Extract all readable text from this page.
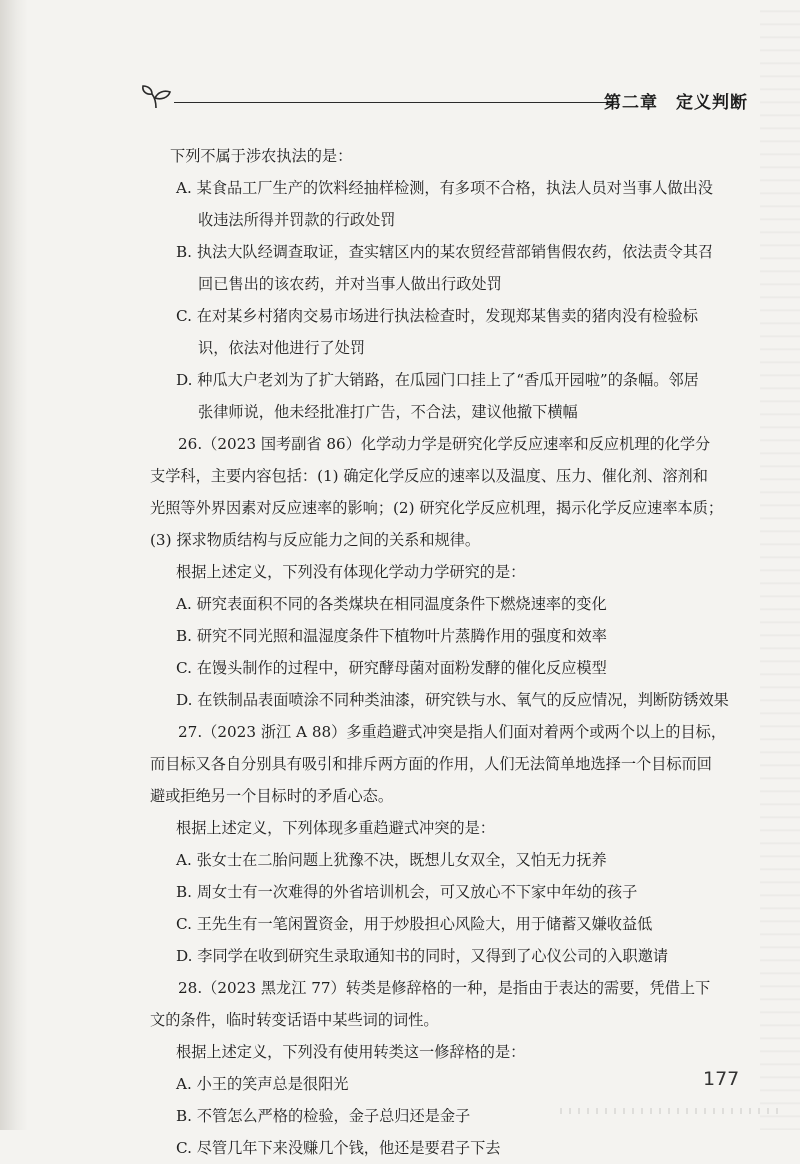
第二章　定义判断

下列不属于涉农执法的是：

A. 某食品工厂生产的饮料经抽样检测，有多项不合格，执法人员对当事人做出没

收违法所得并罚款的行政处罚

B. 执法大队经调查取证，查实辖区内的某农贸经营部销售假农药，依法责令其召

回已售出的该农药，并对当事人做出行政处罚

C. 在对某乡村猪肉交易市场进行执法检查时，发现郑某售卖的猪肉没有检验标

识，依法对他进行了处罚

D. 种瓜大户老刘为了扩大销路，在瓜园门口挂上了“香瓜开园啦”的条幅。邻居

张律师说，他未经批准打广告，不合法，建议他撤下横幅

26.（2023 国考副省 86）化学动力学是研究化学反应速率和反应机理的化学分

支学科，主要内容包括：(1) 确定化学反应的速率以及温度、压力、催化剂、溶剂和

光照等外界因素对反应速率的影响；(2) 研究化学反应机理，揭示化学反应速率本质；

(3) 探求物质结构与反应能力之间的关系和规律。

根据上述定义，下列没有体现化学动力学研究的是：

A. 研究表面积不同的各类煤块在相同温度条件下燃烧速率的变化

B. 研究不同光照和温湿度条件下植物叶片蒸腾作用的强度和效率

C. 在馒头制作的过程中，研究酵母菌对面粉发酵的催化反应模型

D. 在铁制品表面喷涂不同种类油漆，研究铁与水、氧气的反应情况，判断防锈效果

27.（2023 浙江 A 88）多重趋避式冲突是指人们面对着两个或两个以上的目标，

而目标又各自分别具有吸引和排斥两方面的作用，人们无法简单地选择一个目标而回

避或拒绝另一个目标时的矛盾心态。

根据上述定义，下列体现多重趋避式冲突的是：

A. 张女士在二胎问题上犹豫不决，既想儿女双全，又怕无力抚养

B. 周女士有一次难得的外省培训机会，可又放心不下家中年幼的孩子

C. 王先生有一笔闲置资金，用于炒股担心风险大，用于储蓄又嫌收益低

D. 李同学在收到研究生录取通知书的同时，又得到了心仪公司的入职邀请

28.（2023 黑龙江 77）转类是修辞格的一种，是指由于表达的需要，凭借上下

文的条件，临时转变话语中某些词的词性。

根据上述定义，下列没有使用转类这一修辞格的是：

A. 小王的笑声总是很阳光

B. 不管怎么严格的检验，金子总归还是金子

C. 尽管几年下来没赚几个钱，他还是要君子下去

177
